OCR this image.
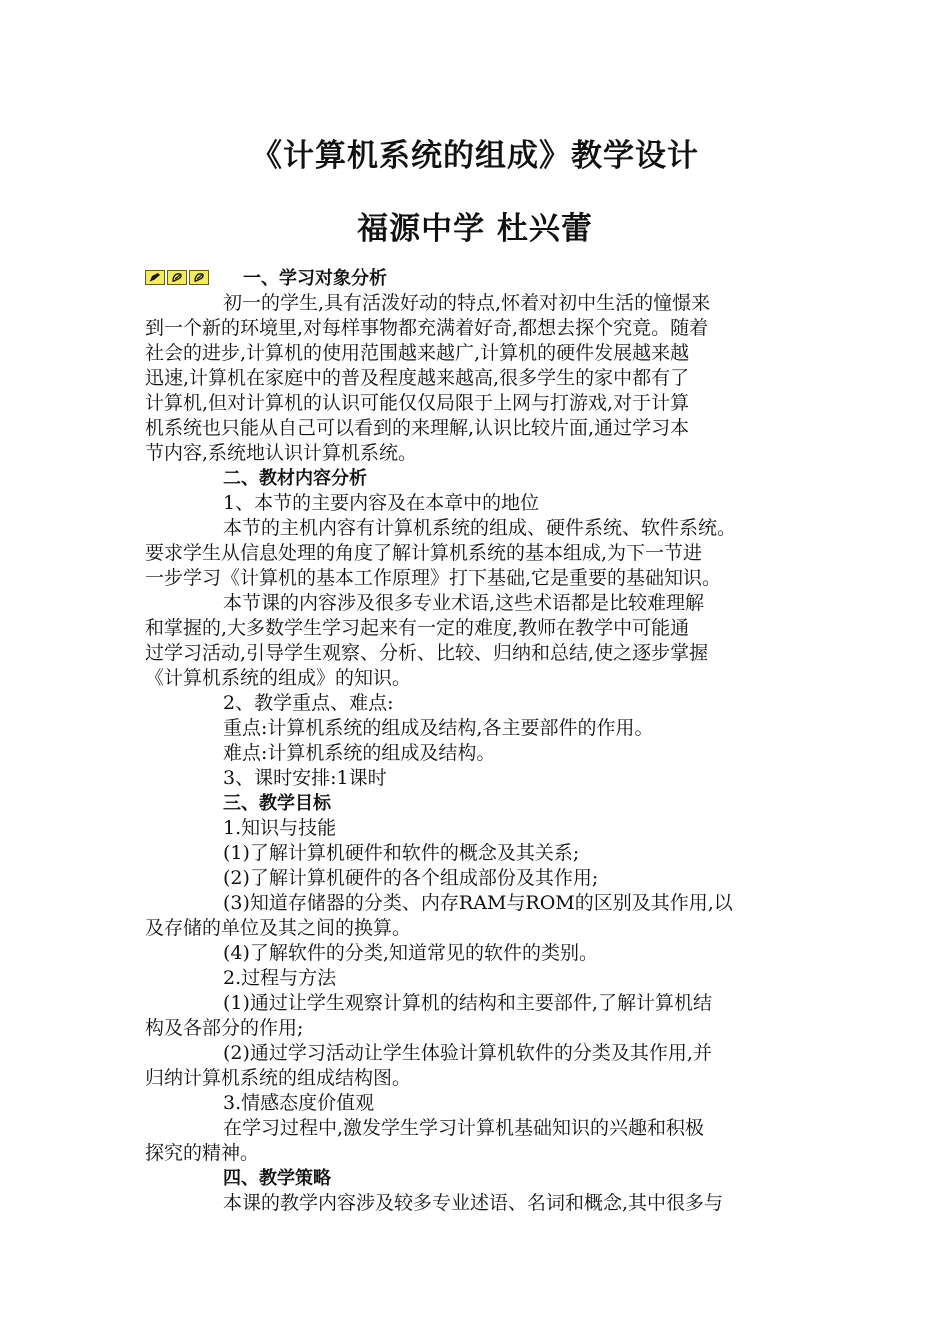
《计算机系统的组成》教学设计
福源中学 杜兴蕾
一、学习对象分析
初一的学生,具有活泼好动的特点,怀着对初中生活的憧憬来
到一个新的环境里,对每样事物都充满着好奇,都想去探个究竟。随着
社会的进步,计算机的使用范围越来越广,计算机的硬件发展越来越
迅速,计算机在家庭中的普及程度越来越高,很多学生的家中都有了
计算机,但对计算机的认识可能仅仅局限于上网与打游戏,对于计算
机系统也只能从自己可以看到的来理解,认识比较片面,通过学习本
节内容,系统地认识计算机系统。
二、教材内容分析
1、本节的主要内容及在本章中的地位
本节的主机内容有计算机系统的组成、硬件系统、软件系统。
要求学生从信息处理的角度了解计算机系统的基本组成,为下一节进
一步学习《计算机的基本工作原理》打下基础,它是重要的基础知识。
本节课的内容涉及很多专业术语,这些术语都是比较难理解
和掌握的,大多数学生学习起来有一定的难度,教师在教学中可能通
过学习活动,引导学生观察、分析、比较、归纳和总结,使之逐步掌握
《计算机系统的组成》的知识。
2、教学重点、难点:
重点:计算机系统的组成及结构,各主要部件的作用。
难点:计算机系统的组成及结构。
3、课时安排:1课时
三、教学目标
1.知识与技能
(1)了解计算机硬件和软件的概念及其关系;
(2)了解计算机硬件的各个组成部份及其作用;
(3)知道存储器的分类、内存RAM与ROM的区别及其作用,以
及存储的单位及其之间的换算。
(4)了解软件的分类,知道常见的软件的类别。
2.过程与方法
(1)通过让学生观察计算机的结构和主要部件,了解计算机结
构及各部分的作用;
(2)通过学习活动让学生体验计算机软件的分类及其作用,并
归纳计算机系统的组成结构图。
3.情感态度价值观
在学习过程中,激发学生学习计算机基础知识的兴趣和积极
探究的精神。
四、教学策略
本课的教学内容涉及较多专业述语、名词和概念,其中很多与
